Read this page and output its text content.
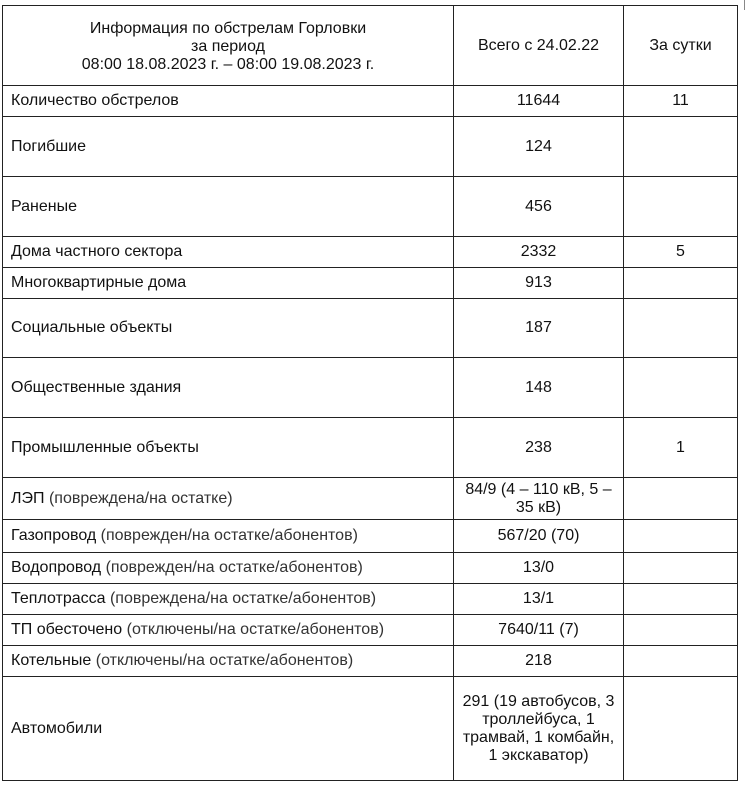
Информация по обстрелам Горловки
за период
08:00 18.08.2023 г. – 08:00 19.08.2023 г.	Всего с 24.02.22	За сутки
Количество обстрелов	11644	11
Погибшие	124	
Раненые	456	
Дома частного сектора	2332	5
Многоквартирные дома	913	
Социальные объекты	187	
Общественные здания	148	
Промышленные объекты	238	1
ЛЭП (повреждена/на остатке)	84/9 (4 – 110 кВ, 5 – 35 кВ)	
Газопровод (поврежден/на остатке/абонентов)	567/20 (70)	
Водопровод (поврежден/на остатке/абонентов)	13/0	
Теплотрасса (повреждена/на остатке/абонентов)	13/1	
ТП обесточено (отключены/на остатке/абонентов)	7640/11 (7)	
Котельные (отключены/на остатке/абонентов)	218	
Автомобили	291 (19 автобусов, 3 троллейбуса, 1 трамвай, 1 комбайн, 1 экскаватор)	
